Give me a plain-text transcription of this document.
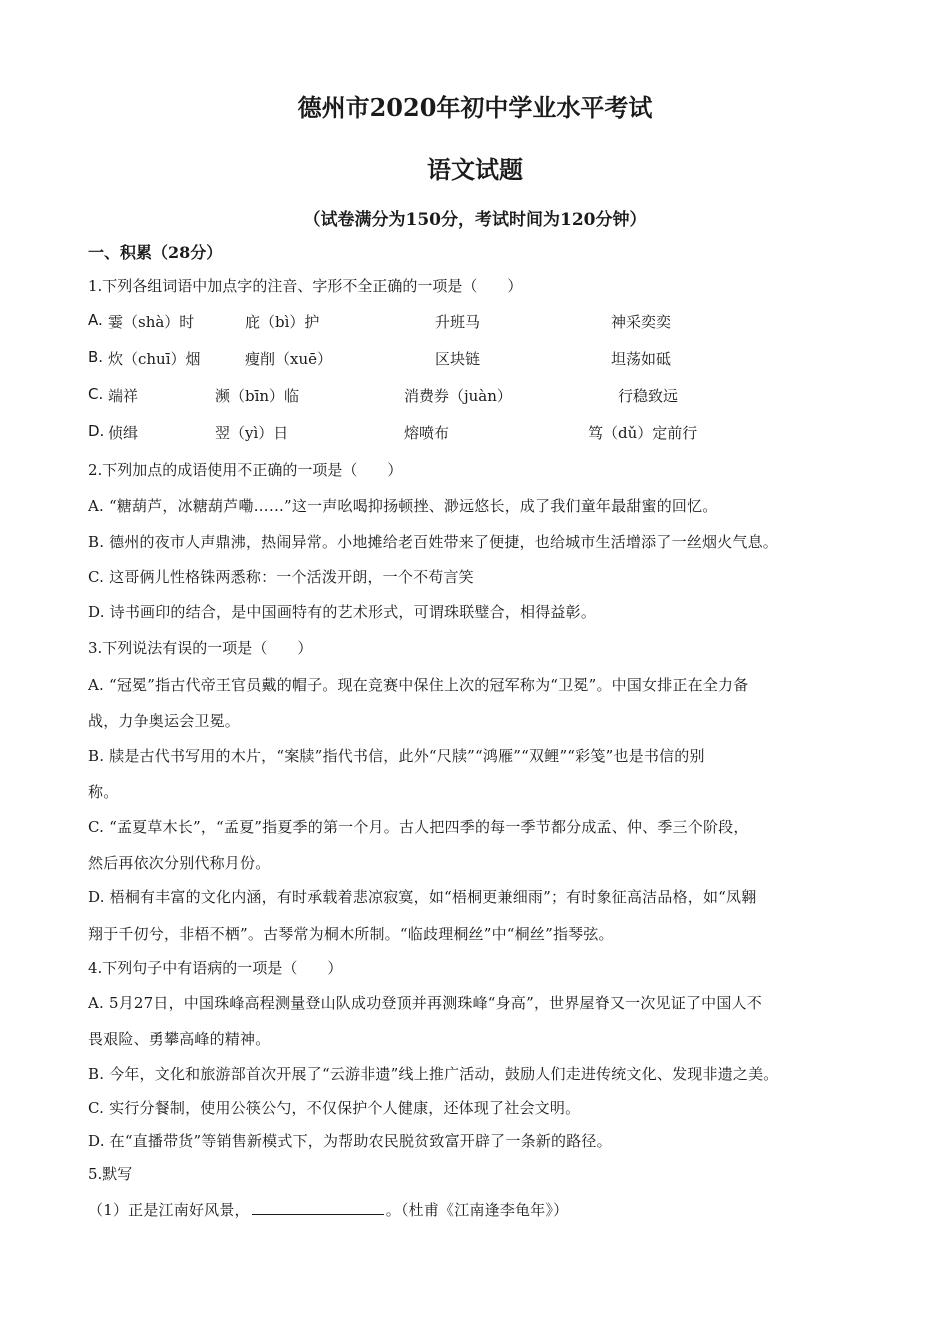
德州市2020年初中学业水平考试
语文试题
（试卷满分为150分，考试时间为120分钟）
一、积累（28分）
1.下列各组词语中加点字的注音、字形不全正确的一项是（　　）
A. 霎（shà）时	庇（bì）护	升班马	神采奕奕
B. 炊（chuī）烟	瘦削（xuē）	区块链	坦荡如砥
C. 端祥	濒（bīn）临	消费券（juàn）	行稳致远
D. 侦缉	翌（yì）日	熔喷布	笃（dǔ）定前行
2.下列加点的成语使用不正确的一项是（　　）
A. “糖葫芦，冰糖葫芦嘞……”这一声吆喝抑扬顿挫、渺远悠长，成了我们童年最甜蜜的回忆。
B. 德州的夜市人声鼎沸，热闹异常。小地摊给老百姓带来了便捷，也给城市生活增添了一丝烟火气息。
C. 这哥俩儿性格铢两悉称：一个活泼开朗，一个不苟言笑
D. 诗书画印的结合，是中国画特有的艺术形式，可谓珠联璧合，相得益彰。
3.下列说法有误的一项是（　　）
A. “冠冕”指古代帝王官员戴的帽子。现在竞赛中保住上次的冠军称为“卫冕”。中国女排正在全力备
战，力争奥运会卫冕。
B. 牍是古代书写用的木片，“案牍”指代书信，此外“尺牍”“鸿雁”“双鲤”“彩笺”也是书信的别
称。
C. “孟夏草木长”，“孟夏”指夏季的第一个月。古人把四季的每一季节都分成孟、仲、季三个阶段，
然后再依次分别代称月份。
D. 梧桐有丰富的文化内涵，有时承载着悲凉寂寞，如“梧桐更兼细雨”；有时象征高洁品格，如“凤翱
翔于千仞兮，非梧不栖”。古琴常为桐木所制。“临歧理桐丝”中“桐丝”指琴弦。
4.下列句子中有语病的一项是（　　）
A. 5月27日，中国珠峰高程测量登山队成功登顶并再测珠峰“身高”，世界屋脊又一次见证了中国人不
畏艰险、勇攀高峰的精神。
B. 今年，文化和旅游部首次开展了“云游非遗”线上推广活动，鼓励人们走进传统文化、发现非遗之美。
C. 实行分餐制，使用公筷公勺，不仅保护个人健康，还体现了社会文明。
D. 在“直播带货”等销售新模式下，为帮助农民脱贫致富开辟了一条新的路径。
5.默写
（1）正是江南好风景，	。（杜甫《江南逢李龟年》）
